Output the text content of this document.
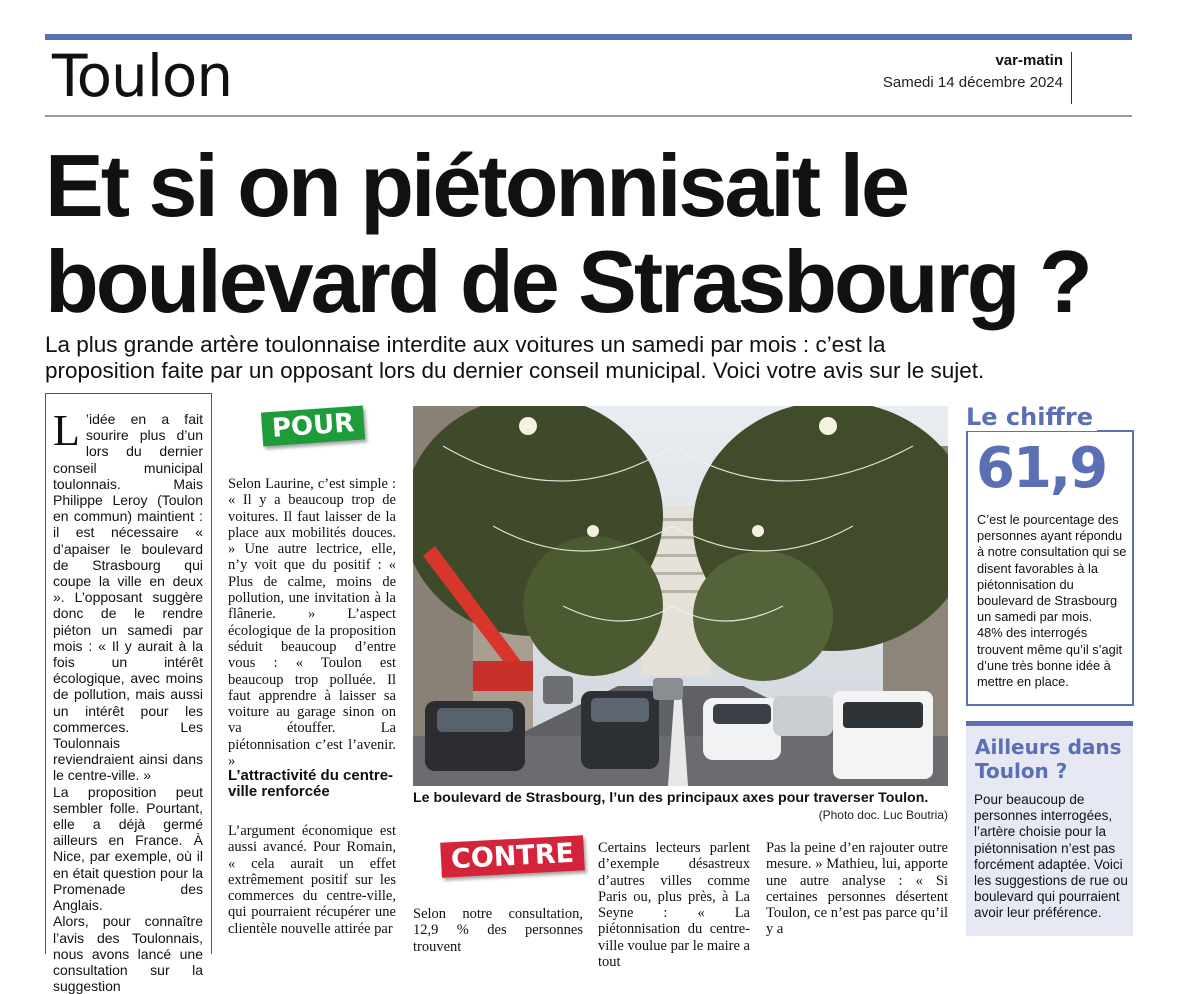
Toulon	var-matin
Samedi 14 décembre 2024
Et si on piétonnisait le
boulevard de Strasbourg ?
La plus grande artère toulonnaise interdite aux voitures un samedi par mois : c’est la
proposition faite par un opposant lors du dernier conseil municipal. Voici votre avis sur le sujet.

L ’idée en a fait sourire plus d’un lors du dernier conseil municipal toulonnais. Mais Philippe Leroy (Toulon en commun) maintient : il est nécessaire « d’apaiser le boulevard de Strasbourg qui coupe la ville en deux ». L’opposant suggère donc de le rendre piéton un samedi par mois : « Il y aurait à la fois un intérêt écologique, avec moins de pollution, mais aussi un intérêt pour les commerces. Les Toulonnais reviendraient ainsi dans le centre-ville. »

La proposition peut sembler folle. Pourtant, elle a déjà germé ailleurs en France. À Nice, par exemple, où il en était question pour la Promenade des Anglais.

Alors, pour connaître l’avis des Toulonnais, nous avons lancé une consultation sur la suggestion

POUR
Selon Laurine, c’est simple : « Il y a beaucoup trop de voitures. Il faut laisser de la place aux mobilités douces. » Une autre lectrice, elle, n’y voit que du positif : « Plus de calme, moins de pollution, une invitation à la flânerie. » L’aspect écologique de la proposition séduit beaucoup d’entre vous : « Toulon est beaucoup trop polluée. Il faut apprendre à laisser sa voiture au garage sinon on va étouffer. La piétonnisation c’est l’avenir. »
L’attractivité du centre-ville renforcée
L’argument économique est aussi avancé. Pour Romain, « cela aurait un effet extrêmement positif sur les commerces du centre-ville, qui pourraient récupérer une clientèle nouvelle attirée par
Le boulevard de Strasbourg, l’un des principaux axes pour traverser Toulon.
(Photo doc. Luc Boutria)
CONTRE
Selon notre consultation, 12,9 % des personnes trouvent
Certains lecteurs parlent d’exemple désastreux d’autres villes comme Paris ou, plus près, à La Seyne : « La piétonnisation du centre-ville voulue par le maire a tout
Pas la peine d’en rajouter outre mesure. » Mathieu, lui, apporte une autre analyse : « Si certaines personnes désertent Toulon, ce n’est pas parce qu’il y a
Le chiffre
61,9
C’est le pourcentage des personnes ayant répondu à notre consultation qui se disent favorables à la piétonnisation du boulevard de Strasbourg un samedi par mois.
48% des interrogés trouvent même qu’il s’agit d’une très bonne idée à mettre en place.
Ailleurs dans Toulon ?
Pour beaucoup de personnes interrogées, l’artère choisie pour la piétonnisation n’est pas forcément adaptée. Voici les suggestions de rue ou boulevard qui pourraient avoir leur préférence.
